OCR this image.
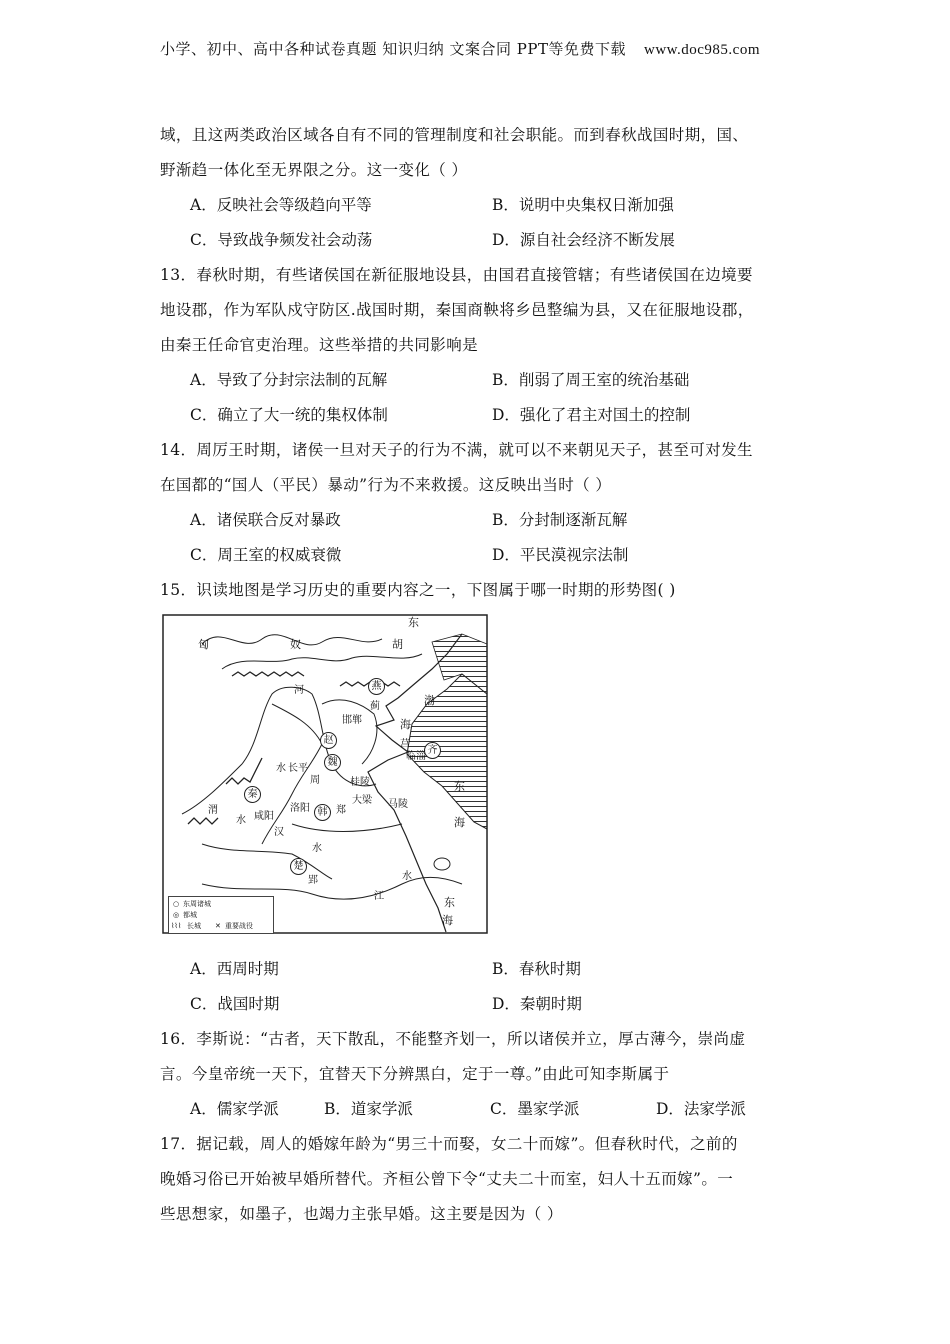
小学、初中、高中各种试卷真题 知识归纳 文案合同 PPT等免费下载 www.doc985.com
域，且这两类政治区域各自有不同的管理制度和社会职能。而到春秋战国时期，国、
野渐趋一体化至无界限之分。这一变化（ ）
A．反映社会等级趋向平等	B．说明中央集权日渐加强
C．导致战争频发社会动荡	D．源自社会经济不断发展
13．春秋时期，有些诸侯国在新征服地设县，由国君直接管辖；有些诸侯国在边境要
地设郡，作为军队戍守防区.战国时期，秦国商鞅将乡邑整编为县，又在征服地设郡，
由秦王任命官吏治理。这些举措的共同影响是
A．导致了分封宗法制的瓦解	B．削弱了周王室的统治基础
C．确立了大一统的集权体制	D．强化了君主对国土的控制
14．周厉王时期，诸侯一旦对天子的行为不满，就可以不来朝见天子，甚至可对发生
在国都的“国人（平民）暴动”行为不来救援。这反映出当时（ ）
A．诸侯联合反对暴政	B．分封制逐渐瓦解
C．周王室的权威衰微	D．平民漠视宗法制
15．识读地图是学习历史的重要内容之一，下图属于哪一时期的形势图( )
东
胡
匈	奴
燕
赵
魏
齐
秦
韩
楚
蓟
邯郸
临淄
咸阳
洛阳
周
郑
大梁
郢
莒
长平
桂陵
马陵
河
水
渭
水
汉
水
江
水
渤
海
东
海
东
海
○ 东周诸城
◎ 都城
⌇⌇⌇ 长城 ✕ 重要战役
A．西周时期	B．春秋时期
C．战国时期	D．秦朝时期
16．李斯说：“古者，天下散乱，不能整齐划一，所以诸侯并立，厚古薄今，崇尚虚
言。今皇帝统一天下，宜替天下分辨黑白，定于一尊。”由此可知李斯属于
A．儒家学派	B．道家学派	C．墨家学派	D．法家学派
17．据记载，周人的婚嫁年龄为“男三十而娶，女二十而嫁”。但春秋时代，之前的
晚婚习俗已开始被早婚所替代。齐桓公曾下令“丈夫二十而室，妇人十五而嫁”。一
些思想家，如墨子，也竭力主张早婚。这主要是因为（ ）
